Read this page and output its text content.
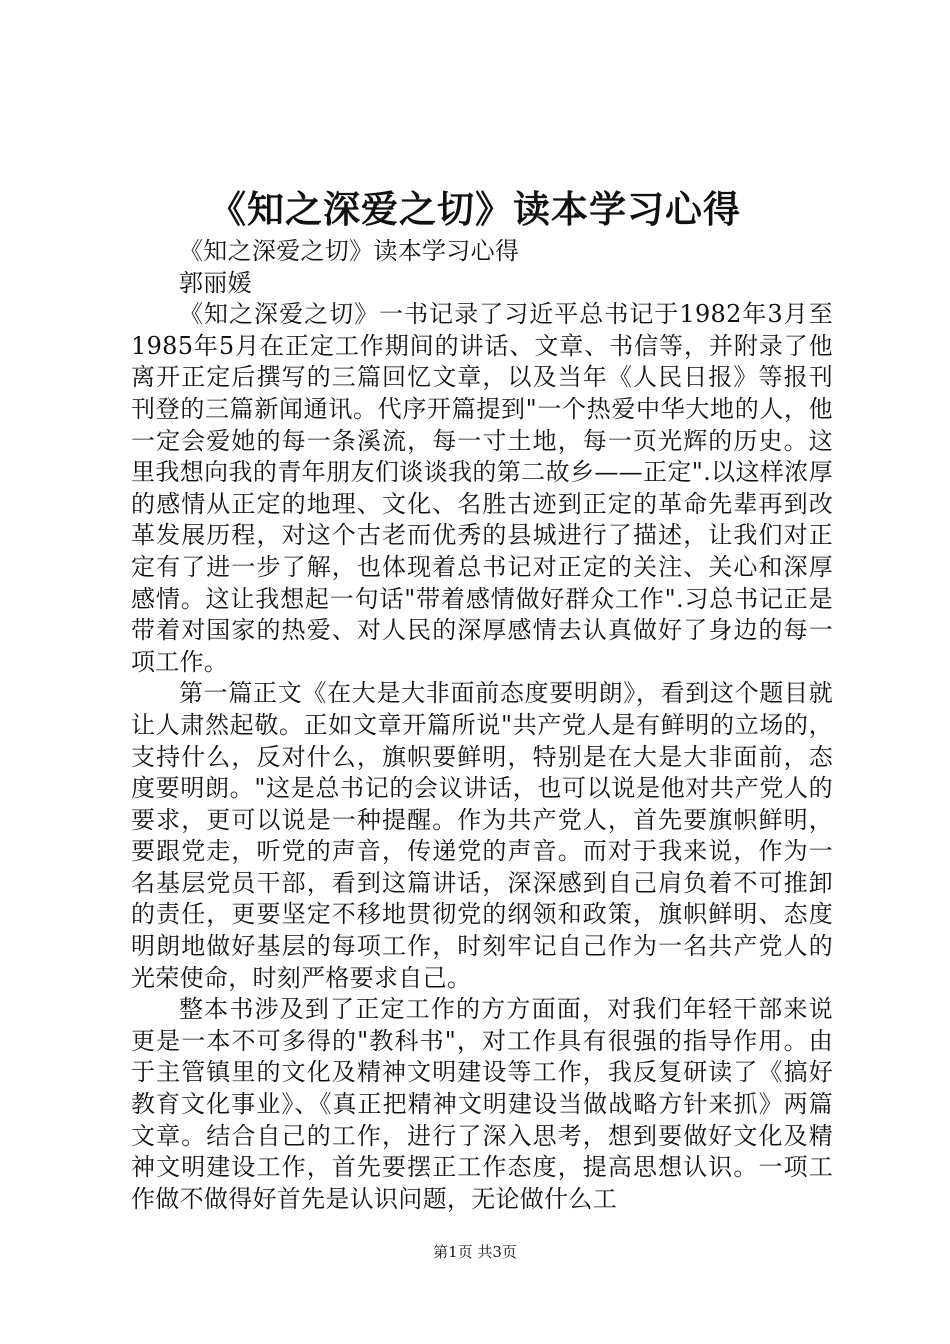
《知之深爱之切》读本学习心得

《知之深爱之切》读本学习心得

郭丽媛

《知之深爱之切》一书记录了习近平总书记于1982年3月至1985年5月在正定工作期间的讲话、文章、书信等，并附录了他离开正定后撰写的三篇回忆文章，以及当年《人民日报》等报刊刊登的三篇新闻通讯。代序开篇提到"一个热爱中华大地的人，他一定会爱她的每一条溪流，每一寸土地，每一页光辉的历史。这里我想向我的青年朋友们谈谈我的第二故乡——正定".以这样浓厚的感情从正定的地理、文化、名胜古迹到正定的革命先辈再到改革发展历程，对这个古老而优秀的县城进行了描述，让我们对正定有了进一步了解，也体现着总书记对正定的关注、关心和深厚感情。这让我想起一句话"带着感情做好群众工作".习总书记正是带着对国家的热爱、对人民的深厚感情去认真做好了身边的每一项工作。

第一篇正文《在大是大非面前态度要明朗》，看到这个题目就让人肃然起敬。正如文章开篇所说"共产党人是有鲜明的立场的，支持什么，反对什么，旗帜要鲜明，特别是在大是大非面前，态度要明朗。"这是总书记的会议讲话，也可以说是他对共产党人的要求，更可以说是一种提醒。作为共产党人，首先要旗帜鲜明，要跟党走，听党的声音，传递党的声音。而对于我来说，作为一名基层党员干部，看到这篇讲话，深深感到自己肩负着不可推卸的责任，更要坚定不移地贯彻党的纲领和政策，旗帜鲜明、态度明朗地做好基层的每项工作，时刻牢记自己作为一名共产党人的光荣使命，时刻严格要求自己。

整本书涉及到了正定工作的方方面面，对我们年轻干部来说更是一本不可多得的"教科书"，对工作具有很强的指导作用。由于主管镇里的文化及精神文明建设等工作，我反复研读了《搞好教育文化事业》、《真正把精神文明建设当做战略方针来抓》两篇文章。结合自己的工作，进行了深入思考，想到要做好文化及精神文明建设工作，首先要摆正工作态度，提高思想认识。一项工作做不做得好首先是认识问题，无论做什么工

第1页 共3页
